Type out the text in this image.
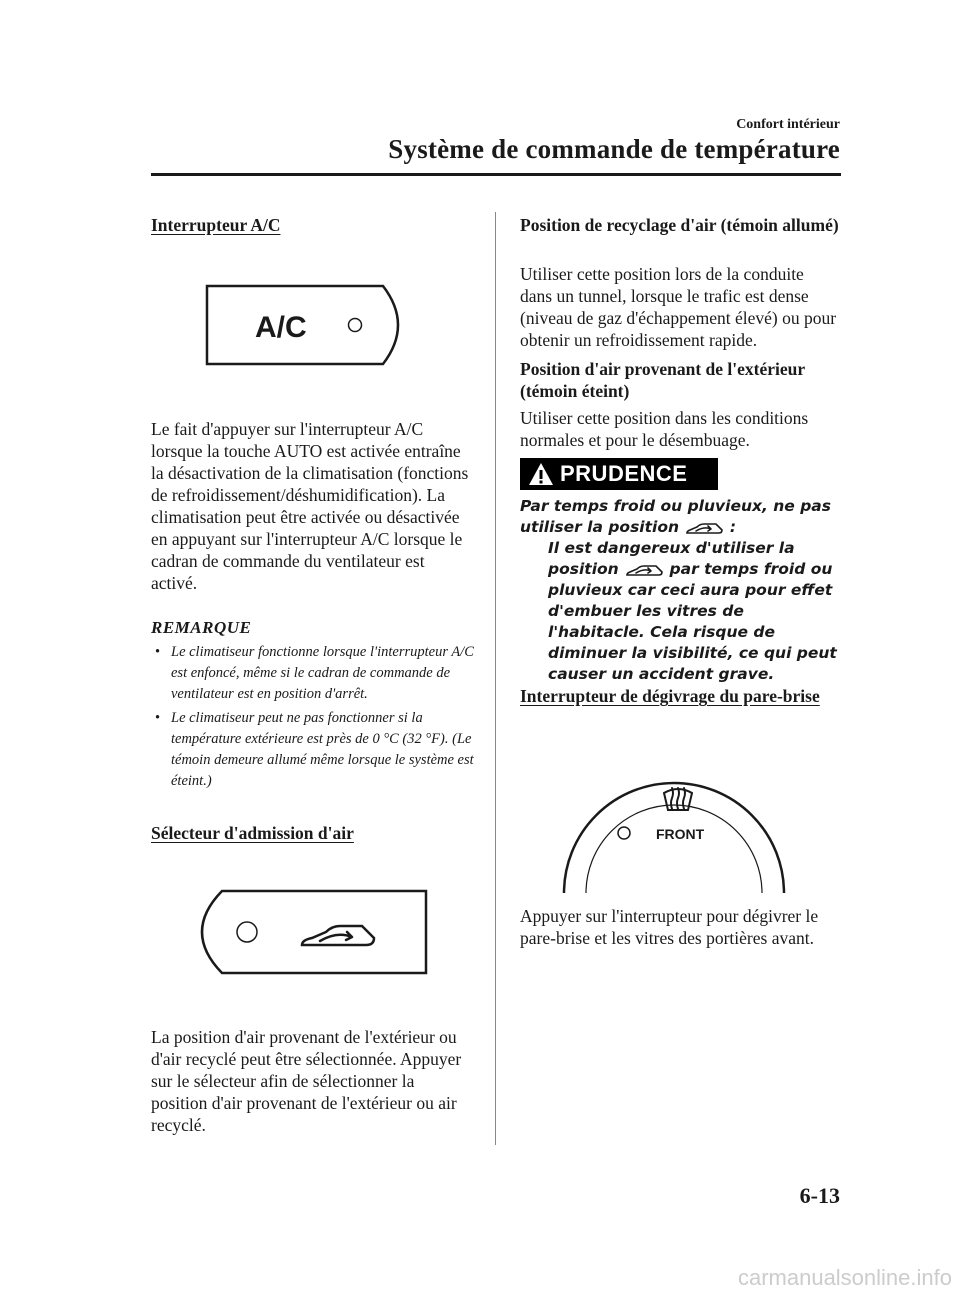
Confort intérieur
Système de commande de température
Interrupteur A/C
A/C
Le fait d'appuyer sur l'interrupteur A/C lorsque la touche AUTO est activée entraîne la désactivation de la climatisation (fonctions de refroidissement/déshumidification). La climatisation peut être activée ou désactivée en appuyant sur l'interrupteur A/C lorsque le cadran de commande du ventilateur est activé.
REMARQUE
• Le climatiseur fonctionne lorsque l'interrupteur A/C est enfoncé, même si le cadran de commande de ventilateur est en position d'arrêt.
• Le climatiseur peut ne pas fonctionner si la température extérieure est près de 0 °C (32 °F). (Le témoin demeure allumé même lorsque le système est éteint.)
Sélecteur d'admission d'air
La position d'air provenant de l'extérieur ou d'air recyclé peut être sélectionnée. Appuyer sur le sélecteur afin de sélectionner la position d'air provenant de l'extérieur ou air recyclé.
Position de recyclage d'air (témoin allumé)
Utiliser cette position lors de la conduite dans un tunnel, lorsque le trafic est dense (niveau de gaz d'échappement élevé) ou pour obtenir un refroidissement rapide.
Position d'air provenant de l'extérieur (témoin éteint)
Utiliser cette position dans les conditions normales et pour le désembuage.
PRUDENCE
Par temps froid ou pluvieux, ne pas
utiliser la position	:
Il est dangereux d'utiliser la position	par temps froid ou pluvieux car ceci aura pour effet d'embuer les vitres de l'habitacle. Cela risque de diminuer la visibilité, ce qui peut causer un accident grave.
Interrupteur de dégivrage du pare-brise
FRONT
Appuyer sur l'interrupteur pour dégivrer le pare-brise et les vitres des portières avant.
6-13
carmanualsonline.info
